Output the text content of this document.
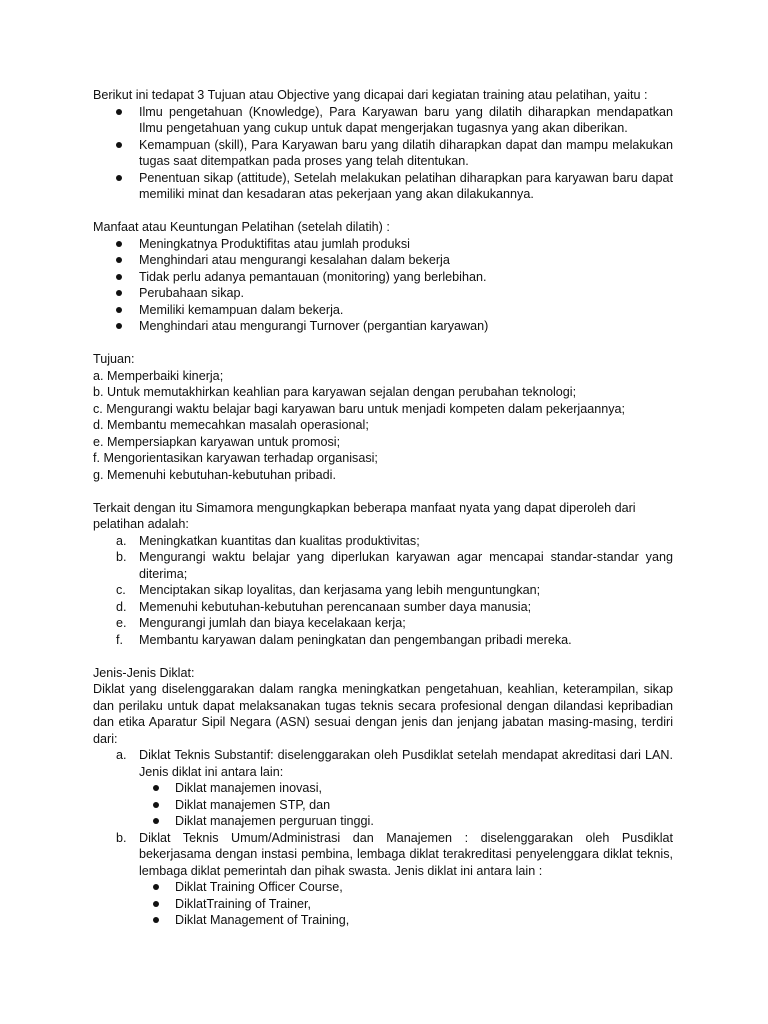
Berikut ini tedapat 3 Tujuan atau Objective yang dicapai dari kegiatan training atau pelatihan, yaitu :

Ilmu pengetahuan (Knowledge), Para Karyawan baru yang dilatih diharapkan mendapatkan Ilmu pengetahuan yang cukup untuk dapat mengerjakan tugasnya yang akan diberikan.
Kemampuan (skill), Para Karyawan baru yang dilatih diharapkan dapat dan mampu melakukan tugas saat ditempatkan pada proses yang telah ditentukan.
Penentuan sikap (attitude), Setelah melakukan pelatihan diharapkan para karyawan baru dapat memiliki minat dan kesadaran atas pekerjaan yang akan dilakukannya.

Manfaat atau Keuntungan Pelatihan (setelah dilatih) :

Meningkatnya Produktifitas atau jumlah produksi
Menghindari atau mengurangi kesalahan dalam bekerja
Tidak perlu adanya pemantauan (monitoring) yang berlebihan.
Perubahaan sikap.
Memiliki kemampuan dalam bekerja.
Menghindari atau mengurangi Turnover (pergantian karyawan)

Tujuan:

a. Memperbaiki kinerja;

b. Untuk memutakhirkan keahlian para karyawan sejalan dengan perubahan teknologi;

c. Mengurangi waktu belajar bagi karyawan baru untuk menjadi kompeten dalam pekerjaannya;

d. Membantu memecahkan masalah operasional;

e. Mempersiapkan karyawan untuk promosi;

f. Mengorientasikan karyawan terhadap organisasi;

g. Memenuhi kebutuhan-kebutuhan pribadi.

Terkait dengan itu Simamora mengungkapkan beberapa manfaat nyata yang dapat diperoleh dari pelatihan adalah:

a. Meningkatkan kuantitas dan kualitas produktivitas;
b. Mengurangi waktu belajar yang diperlukan karyawan agar mencapai standar-standar yang diterima;
c. Menciptakan sikap loyalitas, dan kerjasama yang lebih menguntungkan;
d. Memenuhi kebutuhan-kebutuhan perencanaan sumber daya manusia;
e. Mengurangi jumlah dan biaya kecelakaan kerja;
f. Membantu karyawan dalam peningkatan dan pengembangan pribadi mereka.

Jenis-Jenis Diklat:

Diklat yang diselenggarakan dalam rangka meningkatkan pengetahuan, keahlian, keterampilan, sikap dan perilaku untuk dapat melaksanakan tugas teknis secara profesional dengan dilandasi kepribadian dan etika Aparatur Sipil Negara (ASN) sesuai dengan jenis dan jenjang jabatan masing-masing, terdiri dari:

a. Diklat Teknis Substantif: diselenggarakan oleh Pusdiklat setelah mendapat akreditasi dari LAN. Jenis diklat ini antara lain:
Diklat manajemen inovasi,
Diklat manajemen STP, dan
Diklat manajemen perguruan tinggi.
b. Diklat Teknis Umum/Administrasi dan Manajemen : diselenggarakan oleh Pusdiklat bekerjasama dengan instasi pembina, lembaga diklat terakreditasi penyelenggara diklat teknis, lembaga diklat pemerintah dan pihak swasta. Jenis diklat ini antara lain :
Diklat Training Officer Course,
DiklatTraining of Trainer,
Diklat Management of Training,
